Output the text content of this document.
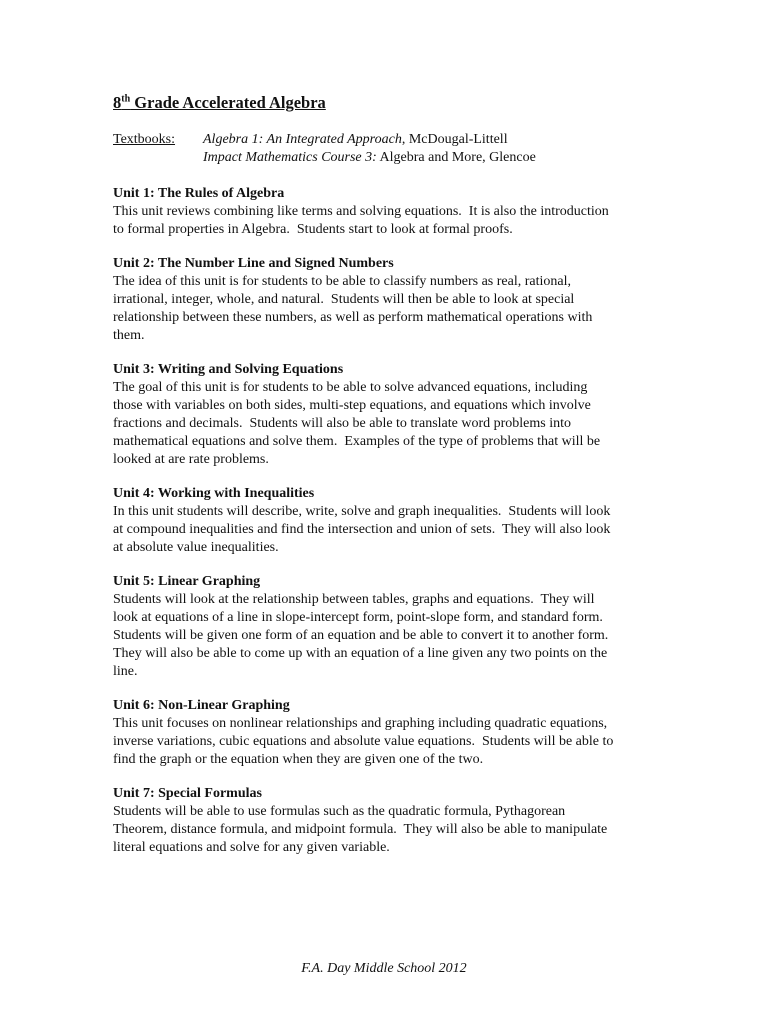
8th Grade Accelerated Algebra
Textbooks: Algebra 1: An Integrated Approach, McDougal-Littell
Impact Mathematics Course 3: Algebra and More, Glencoe

Unit 1: The Rules of Algebra

This unit reviews combining like terms and solving equations.  It is also the introduction
to formal properties in Algebra.  Students start to look at formal proofs.

Unit 2: The Number Line and Signed Numbers

The idea of this unit is for students to be able to classify numbers as real, rational,
irrational, integer, whole, and natural.  Students will then be able to look at special
relationship between these numbers, as well as perform mathematical operations with
them.

Unit 3: Writing and Solving Equations

The goal of this unit is for students to be able to solve advanced equations, including
those with variables on both sides, multi-step equations, and equations which involve
fractions and decimals.  Students will also be able to translate word problems into
mathematical equations and solve them.  Examples of the type of problems that will be
looked at are rate problems.

Unit 4: Working with Inequalities

In this unit students will describe, write, solve and graph inequalities.  Students will look
at compound inequalities and find the intersection and union of sets.  They will also look
at absolute value inequalities.

Unit 5: Linear Graphing

Students will look at the relationship between tables, graphs and equations.  They will
look at equations of a line in slope-intercept form, point-slope form, and standard form.
Students will be given one form of an equation and be able to convert it to another form.
They will also be able to come up with an equation of a line given any two points on the
line.

Unit 6: Non-Linear Graphing

This unit focuses on nonlinear relationships and graphing including quadratic equations,
inverse variations, cubic equations and absolute value equations.  Students will be able to
find the graph or the equation when they are given one of the two.

Unit 7: Special Formulas

Students will be able to use formulas such as the quadratic formula, Pythagorean
Theorem, distance formula, and midpoint formula.  They will also be able to manipulate
literal equations and solve for any given variable.
F.A. Day Middle School 2012
